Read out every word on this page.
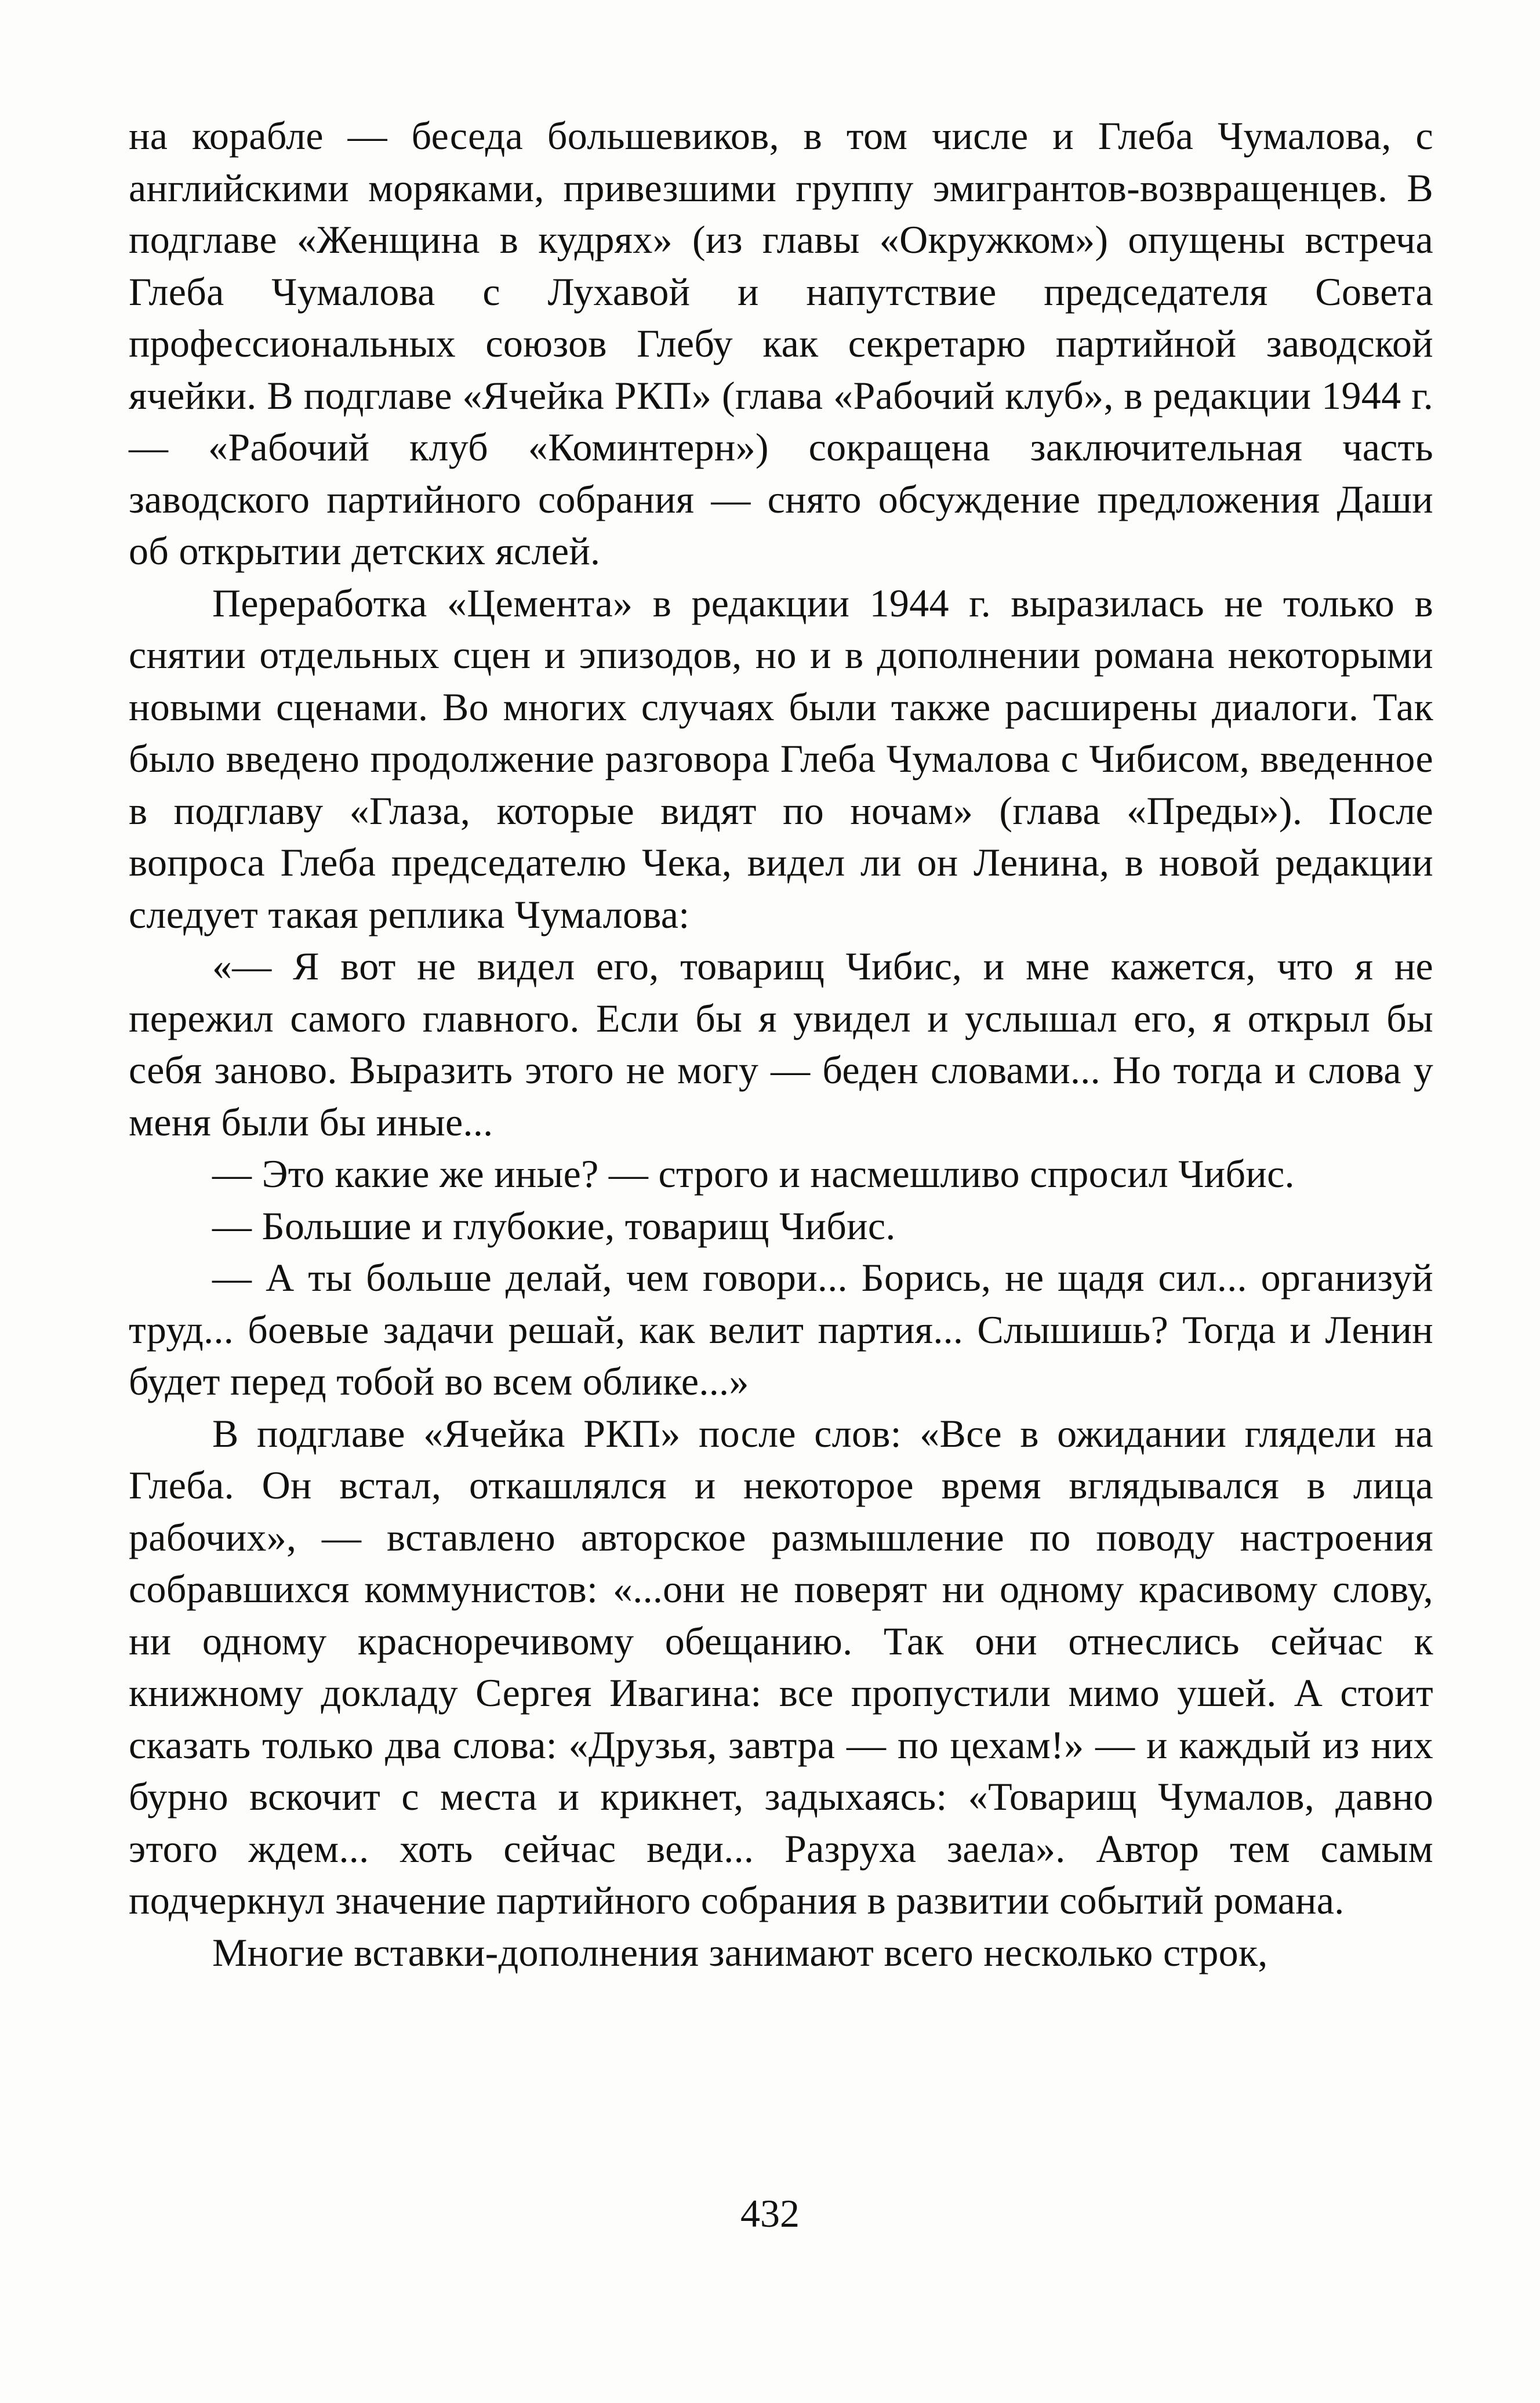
на корабле — беседа большевиков, в том числе и Глеба Чумалова, с английскими моряками, привезшими группу эмигрантов-возвращенцев. В подглаве «Женщина в кудрях» (из главы «Окружком») опущены встреча Глеба Чумалова с Лухавой и напутствие председателя Совета профессиональных союзов Глебу как секретарю партийной заводской ячейки. В подглаве «Ячейка РКП» (глава «Рабочий клуб», в редакции 1944 г. — «Рабочий клуб «Коминтерн») сокращена заключительная часть заводского партийного собрания — снято обсуждение предложения Даши об открытии детских яслей.

Переработка «Цемента» в редакции 1944 г. выразилась не только в снятии отдельных сцен и эпизодов, но и в дополнении романа некоторыми новыми сценами. Во многих случаях были также расширены диалоги. Так было введено продолжение разговора Глеба Чумалова с Чибисом, введенное в подглаву «Глаза, которые видят по ночам» (глава «Преды»). После вопроса Глеба председателю Чека, видел ли он Ленина, в новой редакции следует такая реплика Чумалова:

«— Я вот не видел его, товарищ Чибис, и мне кажется, что я не пережил самого главного. Если бы я увидел и услышал его, я открыл бы себя заново. Выразить этого не могу — беден словами... Но тогда и слова у меня были бы иные...

— Это какие же иные? — строго и насмешливо спросил Чибис.

— Большие и глубокие, товарищ Чибис.

— А ты больше делай, чем говори... Борись, не щадя сил... организуй труд... боевые задачи решай, как велит партия... Слышишь? Тогда и Ленин будет перед тобой во всем облике...»

В подглаве «Ячейка РКП» после слов: «Все в ожидании глядели на Глеба. Он встал, откашлялся и некоторое время вглядывался в лица рабочих», — вставлено авторское размышление по поводу настроения собравшихся коммунистов: «...они не поверят ни одному красивому слову, ни одному красноречивому обещанию. Так они отнеслись сейчас к книжному докладу Сергея Ивагина: все пропустили мимо ушей. А стоит сказать только два слова: «Друзья, завтра — по цехам!» — и каждый из них бурно вскочит с места и крикнет, задыхаясь: «Товарищ Чумалов, давно этого ждем... хоть сейчас веди... Разруха заела». Автор тем самым подчеркнул значение партийного собрания в развитии событий романа.

Многие вставки-дополнения занимают всего несколько строк,

432
